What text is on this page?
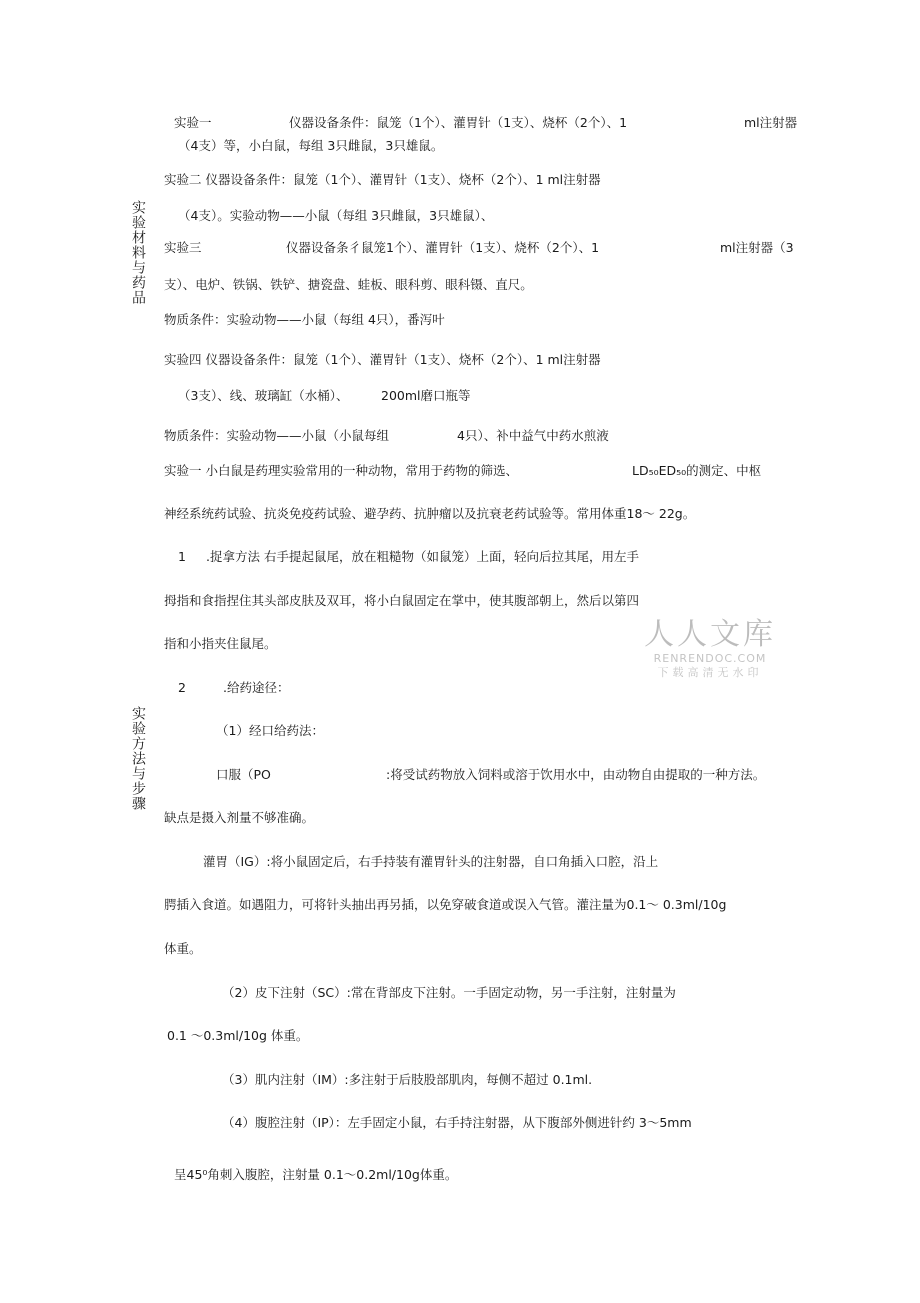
实验材料与药品
实验方法与步骤
实验一	仪器设备条件：鼠笼（1个）、灌胃针（1支）、烧杯（2个）、1	ml注射器
（4支）等，小白鼠，每组 3只雌鼠，3只雄鼠。
实验二 仪器设备条件：鼠笼（1个）、灌胃针（1支）、烧杯（2个）、1 ml注射器
（4支）。实验动物——小鼠（每组 3只雌鼠，3只雄鼠）、
实验三	仪器设备条彳鼠笼1个）、灌胃针（1支）、烧杯（2个）、1	ml注射器（3
支）、电炉、铁锅、铁铲、搪瓷盘、蛙板、眼科剪、眼科镊、直尺。
物质条件：实验动物——小鼠（每组 4只），番泻叶
实验四 仪器设备条件：鼠笼（1个）、灌胃针（1支）、烧杯（2个）、1 ml注射器
（3支）、线、玻璃缸（水桶）、	200ml磨口瓶等
物质条件：实验动物——小鼠（小鼠每组	4只）、补中益气中药水煎液
实验一 小白鼠是药理实验常用的一种动物，常用于药物的筛选、	LD₅₀ED₅₀的测定、中枢
神经系统药试验、抗炎免疫药试验、避孕药、抗肿瘤以及抗衰老药试验等。常用体重18～ 22g。
1 .捉拿方法 右手提起鼠尾，放在粗糙物（如鼠笼）上面，轻向后拉其尾，用左手
拇指和食指捏住其头部皮肤及双耳，将小白鼠固定在掌中，使其腹部朝上，然后以第四
指和小指夹住鼠尾。
2	.给药途径：
（1）经口给药法：
口服（PO	:将受试药物放入饲料或溶于饮用水中，由动物自由提取的一种方法。
缺点是摄入剂量不够准确。
灌胃（IG）:将小鼠固定后，右手持装有灌胃针头的注射器，自口角插入口腔，沿上
腭插入食道。如遇阻力，可将针头抽出再另插，以免穿破食道或误入气管。灌注量为0.1～ 0.3ml/10g
体重。
（2）皮下注射（SC）:常在背部皮下注射。一手固定动物，另一手注射，注射量为
0.1 ～0.3ml/10g 体重。
（3）肌内注射（IM）:多注射于后肢股部肌肉，每侧不超过 0.1ml.
（4）腹腔注射（IP）：左手固定小鼠，右手持注射器，从下腹部外侧进针约 3～5mm
呈45⁰角刺入腹腔，注射量 0.1～0.2ml/10g体重。
人人文库
RENRENDOC.COM
下载高清无水印
